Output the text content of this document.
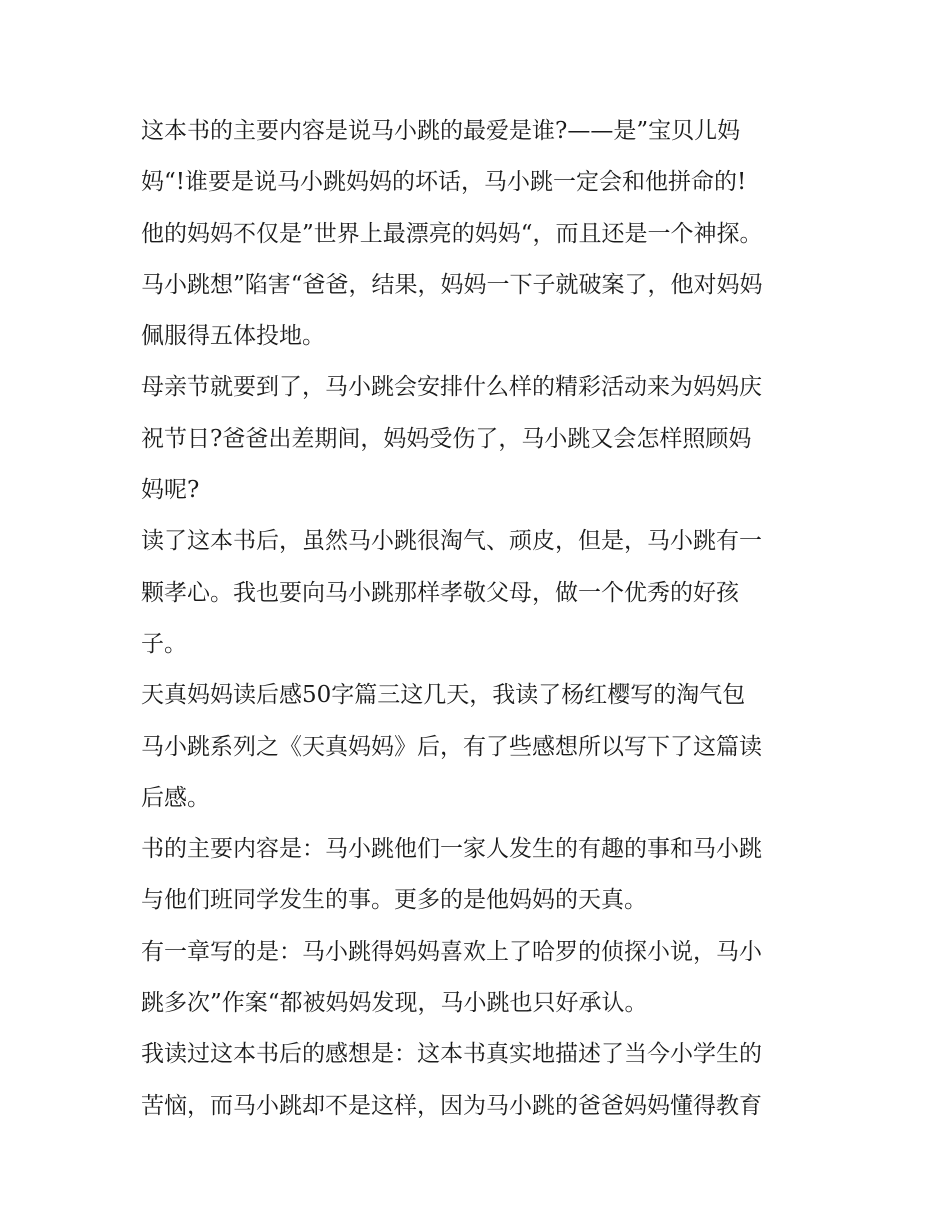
这本书的主要内容是说马小跳的最爱是谁?——是”宝贝儿妈

妈“!谁要是说马小跳妈妈的坏话，马小跳一定会和他拼命的!

他的妈妈不仅是”世界上最漂亮的妈妈“，而且还是一个神探。

马小跳想”陷害“爸爸，结果，妈妈一下子就破案了，他对妈妈

佩服得五体投地。

母亲节就要到了，马小跳会安排什么样的精彩活动来为妈妈庆

祝节日?爸爸出差期间，妈妈受伤了，马小跳又会怎样照顾妈

妈呢?

读了这本书后，虽然马小跳很淘气、顽皮，但是，马小跳有一

颗孝心。我也要向马小跳那样孝敬父母，做一个优秀的好孩

子。

天真妈妈读后感50字篇三这几天，我读了杨红樱写的淘气包

马小跳系列之《天真妈妈》后，有了些感想所以写下了这篇读

后感。

书的主要内容是：马小跳他们一家人发生的有趣的事和马小跳

与他们班同学发生的事。更多的是他妈妈的天真。

有一章写的是：马小跳得妈妈喜欢上了哈罗的侦探小说，马小

跳多次”作案“都被妈妈发现，马小跳也只好承认。

我读过这本书后的感想是：这本书真实地描述了当今小学生的

苦恼，而马小跳却不是这样，因为马小跳的爸爸妈妈懂得教育
